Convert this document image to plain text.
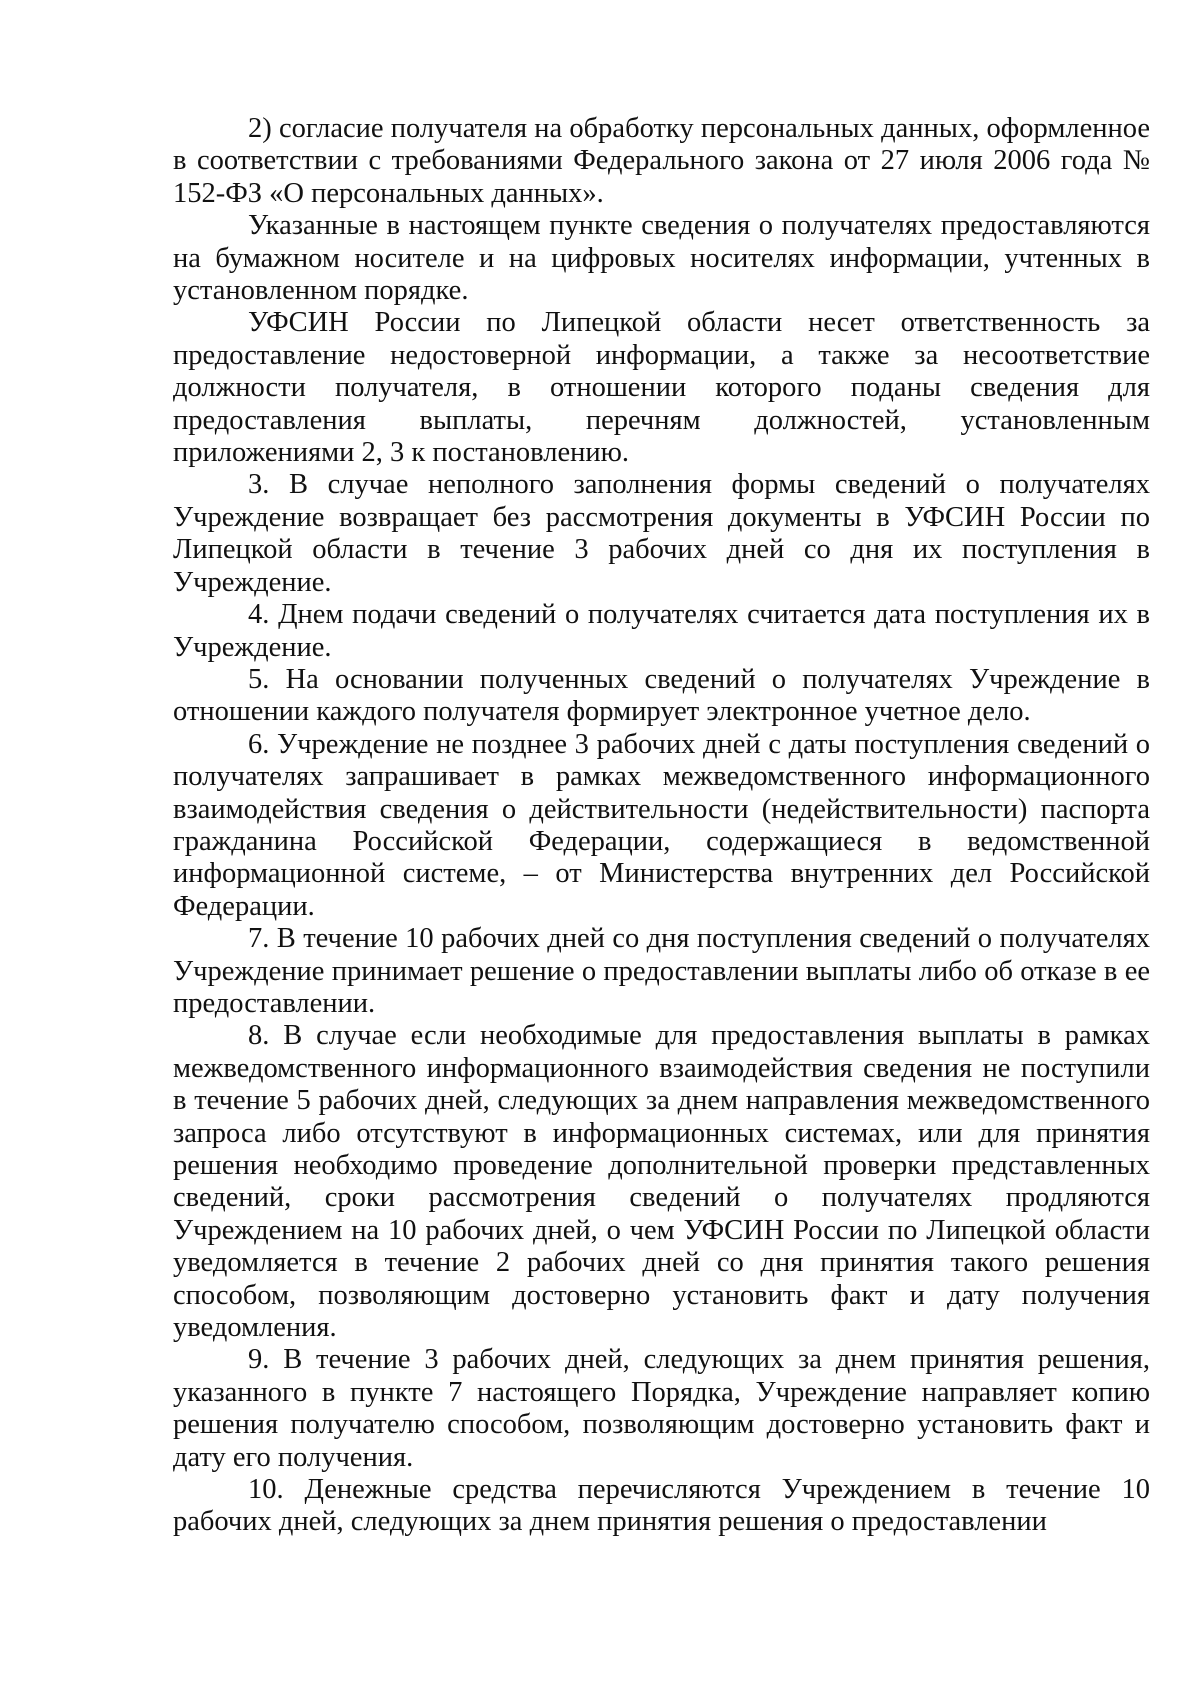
2) согласие получателя на обработку персональных данных, оформленное в соответствии с требованиями Федерального закона от 27 июля 2006 года № 152-ФЗ «О персональных данных».

Указанные в настоящем пункте сведения о получателях предоставляются на бумажном носителе и на цифровых носителях информации, учтенных в установленном порядке.

УФСИН России по Липецкой области несет ответственность за предоставление недостоверной информации, а также за несоответствие должности получателя, в отношении которого поданы сведения для предоставления выплаты, перечням должностей, установленным приложениями 2, 3 к постановлению.

3. В случае неполного заполнения формы сведений о получателях Учреждение возвращает без рассмотрения документы в УФСИН России по Липецкой области в течение 3 рабочих дней со дня их поступления в Учреждение.

4. Днем подачи сведений о получателях считается дата поступления их в Учреждение.

5. На основании полученных сведений о получателях Учреждение в отношении каждого получателя формирует электронное учетное дело.

6. Учреждение не позднее 3 рабочих дней с даты поступления сведений о получателях запрашивает в рамках межведомственного информационного взаимодействия сведения о действительности (недействительности) паспорта гражданина Российской Федерации, содержащиеся в ведомственной информационной системе, – от Министерства внутренних дел Российской Федерации.

7. В течение 10 рабочих дней со дня поступления сведений о получателях Учреждение принимает решение о предоставлении выплаты либо об отказе в ее предоставлении.

8. В случае если необходимые для предоставления выплаты в рамках межведомственного информационного взаимодействия сведения не поступили в течение 5 рабочих дней, следующих за днем направления межведомственного запроса либо отсутствуют в информационных системах, или для принятия решения необходимо проведение дополнительной проверки представленных сведений, сроки рассмотрения сведений о получателях продляются Учреждением на 10 рабочих дней, о чем УФСИН России по Липецкой области уведомляется в течение 2 рабочих дней со дня принятия такого решения способом, позволяющим достоверно установить факт и дату получения уведомления.

9. В течение 3 рабочих дней, следующих за днем принятия решения, указанного в пункте 7 настоящего Порядка, Учреждение направляет копию решения получателю способом, позволяющим достоверно установить факт и дату его получения.

10. Денежные средства перечисляются Учреждением в течение 10 рабочих дней, следующих за днем принятия решения о предоставлении
